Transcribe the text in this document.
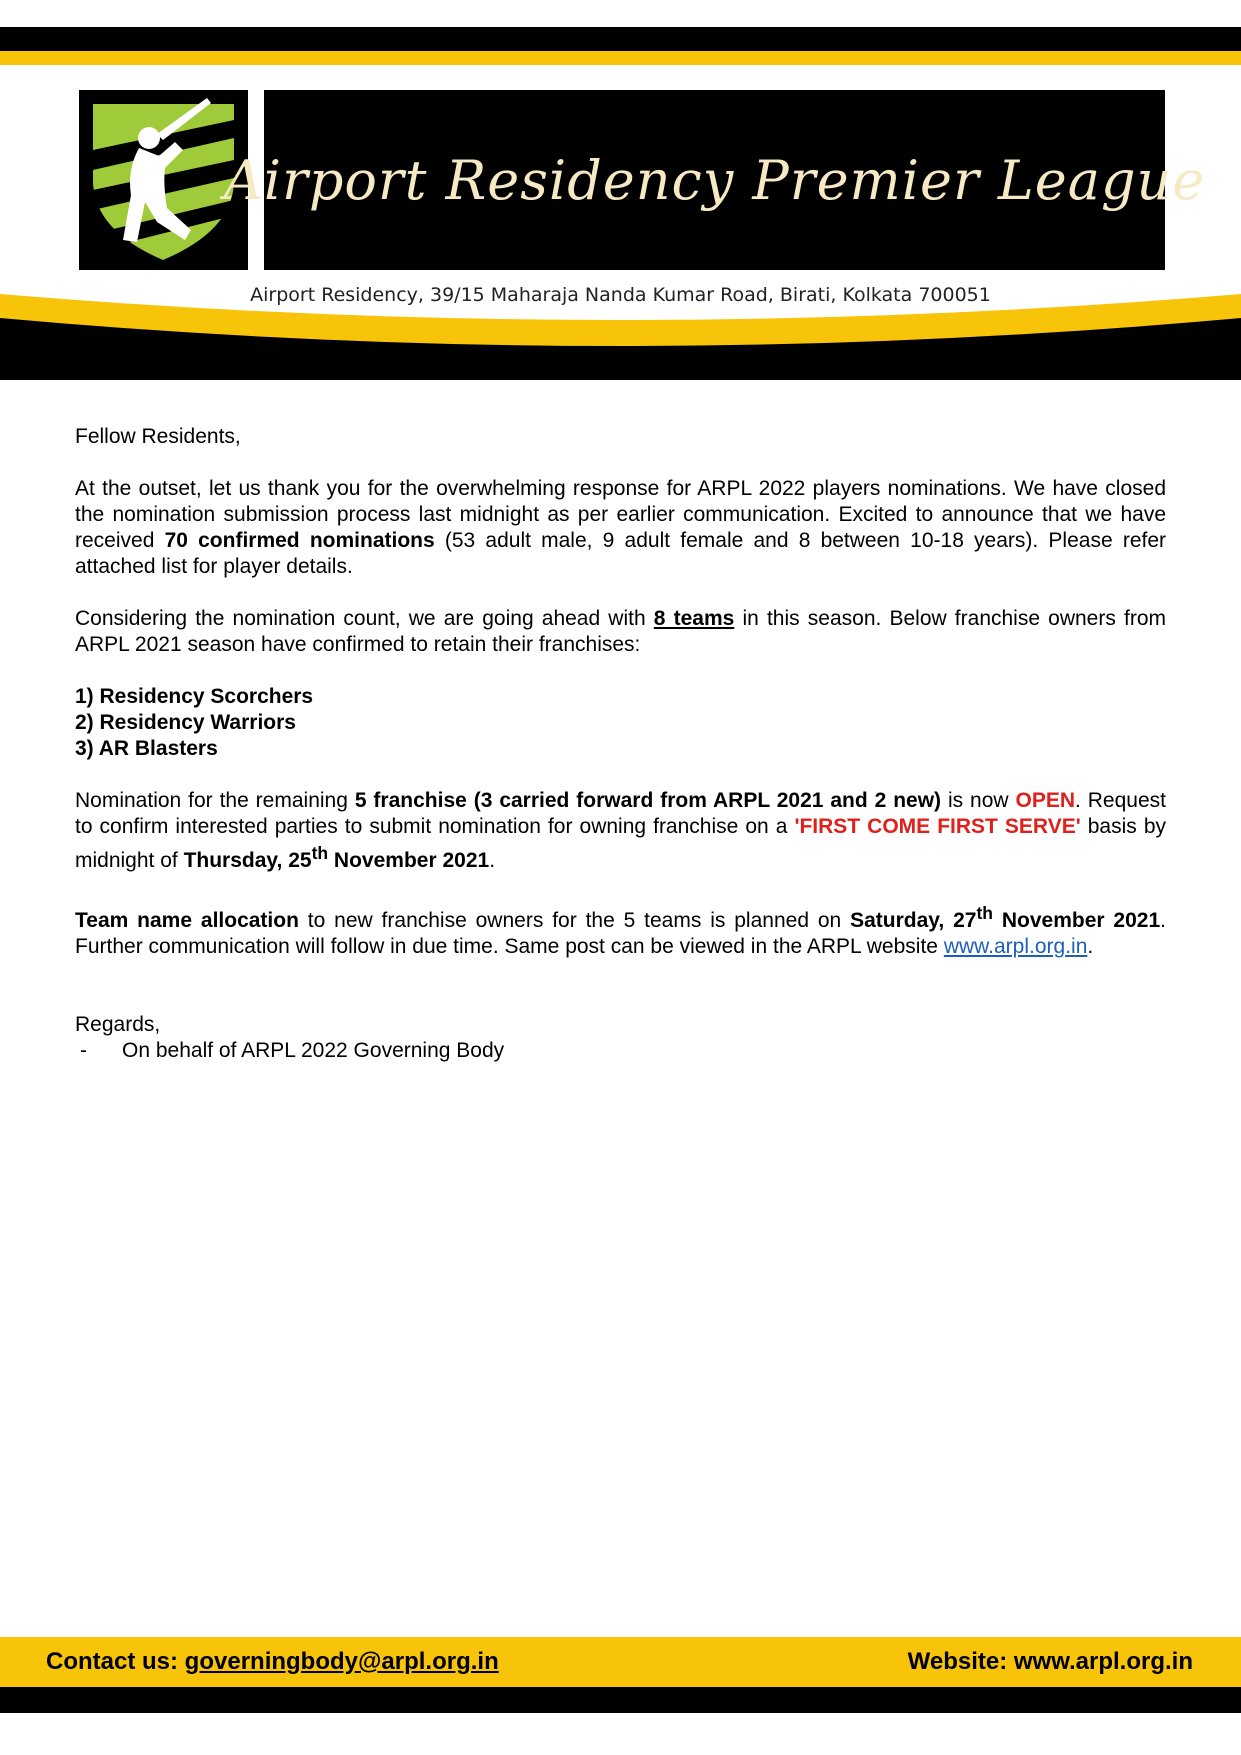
Airport Residency Premier League
Airport Residency, 39/15 Maharaja Nanda Kumar Road, Birati, Kolkata 700051

Fellow Residents,

At the outset, let us thank you for the overwhelming response for ARPL 2022 players nominations. We have closed the nomination submission process last midnight as per earlier communication. Excited to announce that we have received 70 confirmed nominations (53 adult male, 9 adult female and 8 between 10-18 years). Please refer attached list for player details.

Considering the nomination count, we are going ahead with 8 teams in this season. Below franchise owners from ARPL 2021 season have confirmed to retain their franchises:

1) Residency Scorchers

2) Residency Warriors

3) AR Blasters

Nomination for the remaining 5 franchise (3 carried forward from ARPL 2021 and 2 new) is now OPEN. Request to confirm interested parties to submit nomination for owning franchise on a 'FIRST COME FIRST SERVE' basis by midnight of Thursday, 25th November 2021.

Team name allocation to new franchise owners for the 5 teams is planned on Saturday, 27th November 2021. Further communication will follow in due time. Same post can be viewed in the ARPL website www.arpl.org.in.

Regards,

-	On behalf of ARPL 2022 Governing Body
Contact us: governingbody@arpl.org.in	Website: www.arpl.org.in
